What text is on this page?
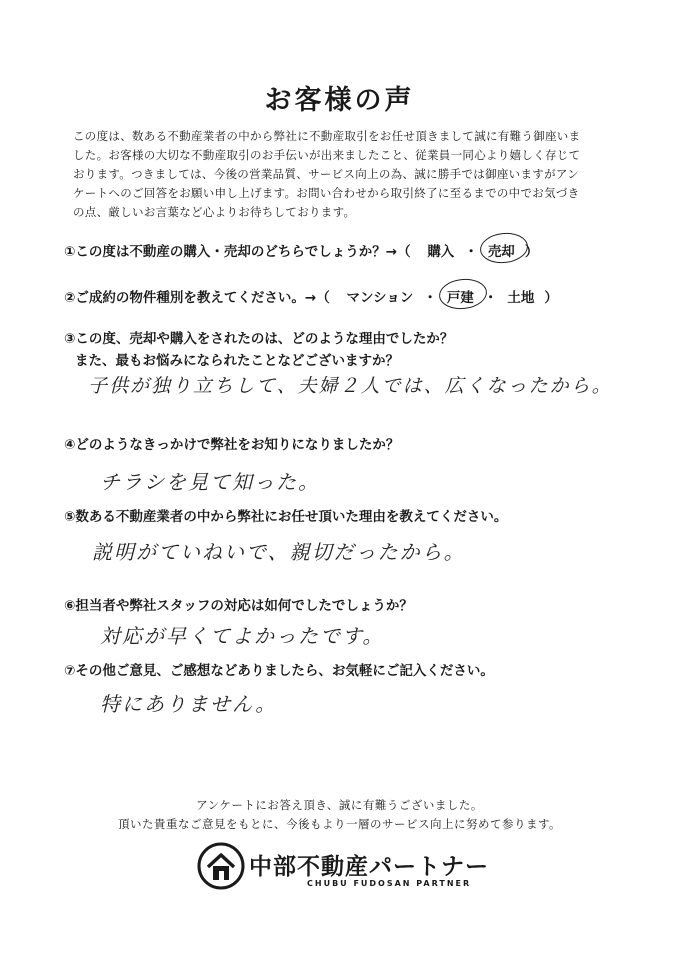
お客様の声
この度は、数ある不動産業者の中から弊社に不動産取引をお任せ頂きまして誠に有難う御座いま
した。お客様の大切な不動産取引のお手伝いが出来ましたこと、従業員一同心より嬉しく存じて
おります。つきましては、今後の営業品質、サービス向上の為、誠に勝手では御座いますがアン
ケートへのご回答をお願い申し上げます。お問い合わせから取引終了に至るまでの中でお気づき
の点、厳しいお言葉など心よりお待ちしております。
①この度は不動産の購入・売却のどちらでしょうか？→（ 購入 ・ 売却 ）
②ご成約の物件種別を教えてください。→（ マンション ・ 戸建 ・ 土地 ）
③この度、売却や購入をされたのは、どのような理由でしたか？
また、最もお悩みになられたことなどございますか？
子供が独り立ちして、夫婦２人では、広くなったから。
④どのようなきっかけで弊社をお知りになりましたか？
チラシを見て知った。
⑤数ある不動産業者の中から弊社にお任せ頂いた理由を教えてください。
説明がていねいで、親切だったから。
⑥担当者や弊社スタッフの対応は如何でしたでしょうか？
対応が早くてよかったです。
⑦その他ご意見、ご感想などありましたら、お気軽にご記入ください。
特にありません。
アンケートにお答え頂き、誠に有難うございました。
頂いた貴重なご意見をもとに、今後もより一層のサービス向上に努めて参ります。
中部不動産パートナー
CHUBU FUDOSAN PARTNER
